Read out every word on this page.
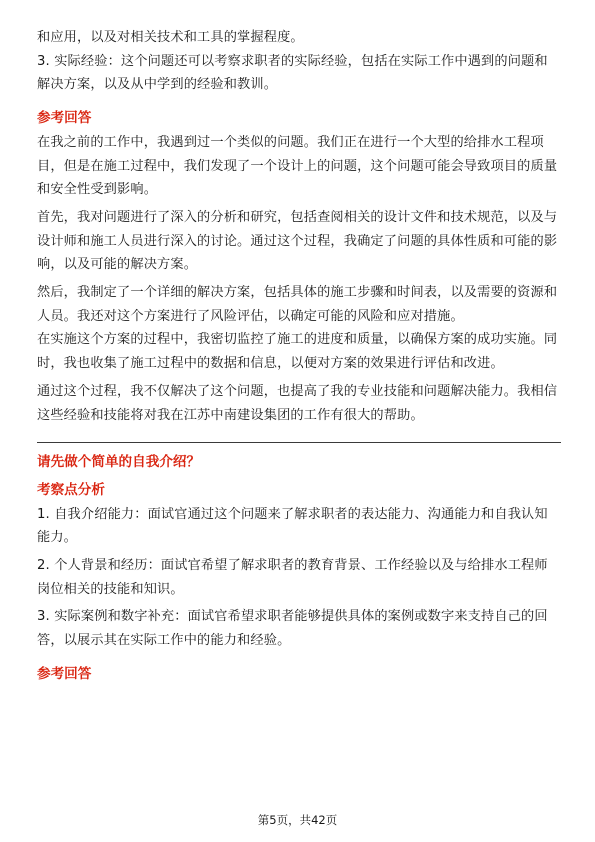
和应用，以及对相关技术和工具的掌握程度。

3. 实际经验：这个问题还可以考察求职者的实际经验，包括在实际工作中遇到的问题和解决方案，以及从中学到的经验和教训。

参考回答

在我之前的工作中，我遇到过一个类似的问题。我们正在进行一个大型的给排水工程项目，但是在施工过程中，我们发现了一个设计上的问题，这个问题可能会导致项目的质量和安全性受到影响。

首先，我对问题进行了深入的分析和研究，包括查阅相关的设计文件和技术规范，以及与设计师和施工人员进行深入的讨论。通过这个过程，我确定了问题的具体性质和可能的影响，以及可能的解决方案。

然后，我制定了一个详细的解决方案，包括具体的施工步骤和时间表，以及需要的资源和人员。我还对这个方案进行了风险评估，以确定可能的风险和应对措施。

在实施这个方案的过程中，我密切监控了施工的进度和质量，以确保方案的成功实施。同时，我也收集了施工过程中的数据和信息，以便对方案的效果进行评估和改进。

通过这个过程，我不仅解决了这个问题，也提高了我的专业技能和问题解决能力。我相信这些经验和技能将对我在江苏中南建设集团的工作有很大的帮助。

请先做个简单的自我介绍？
考察点分析

1. 自我介绍能力：面试官通过这个问题来了解求职者的表达能力、沟通能力和自我认知能力。

2. 个人背景和经历：面试官希望了解求职者的教育背景、工作经验以及与给排水工程师岗位相关的技能和知识。

3. 实际案例和数字补充：面试官希望求职者能够提供具体的案例或数字来支持自己的回答，以展示其在实际工作中的能力和经验。

参考回答
第5页，共42页
